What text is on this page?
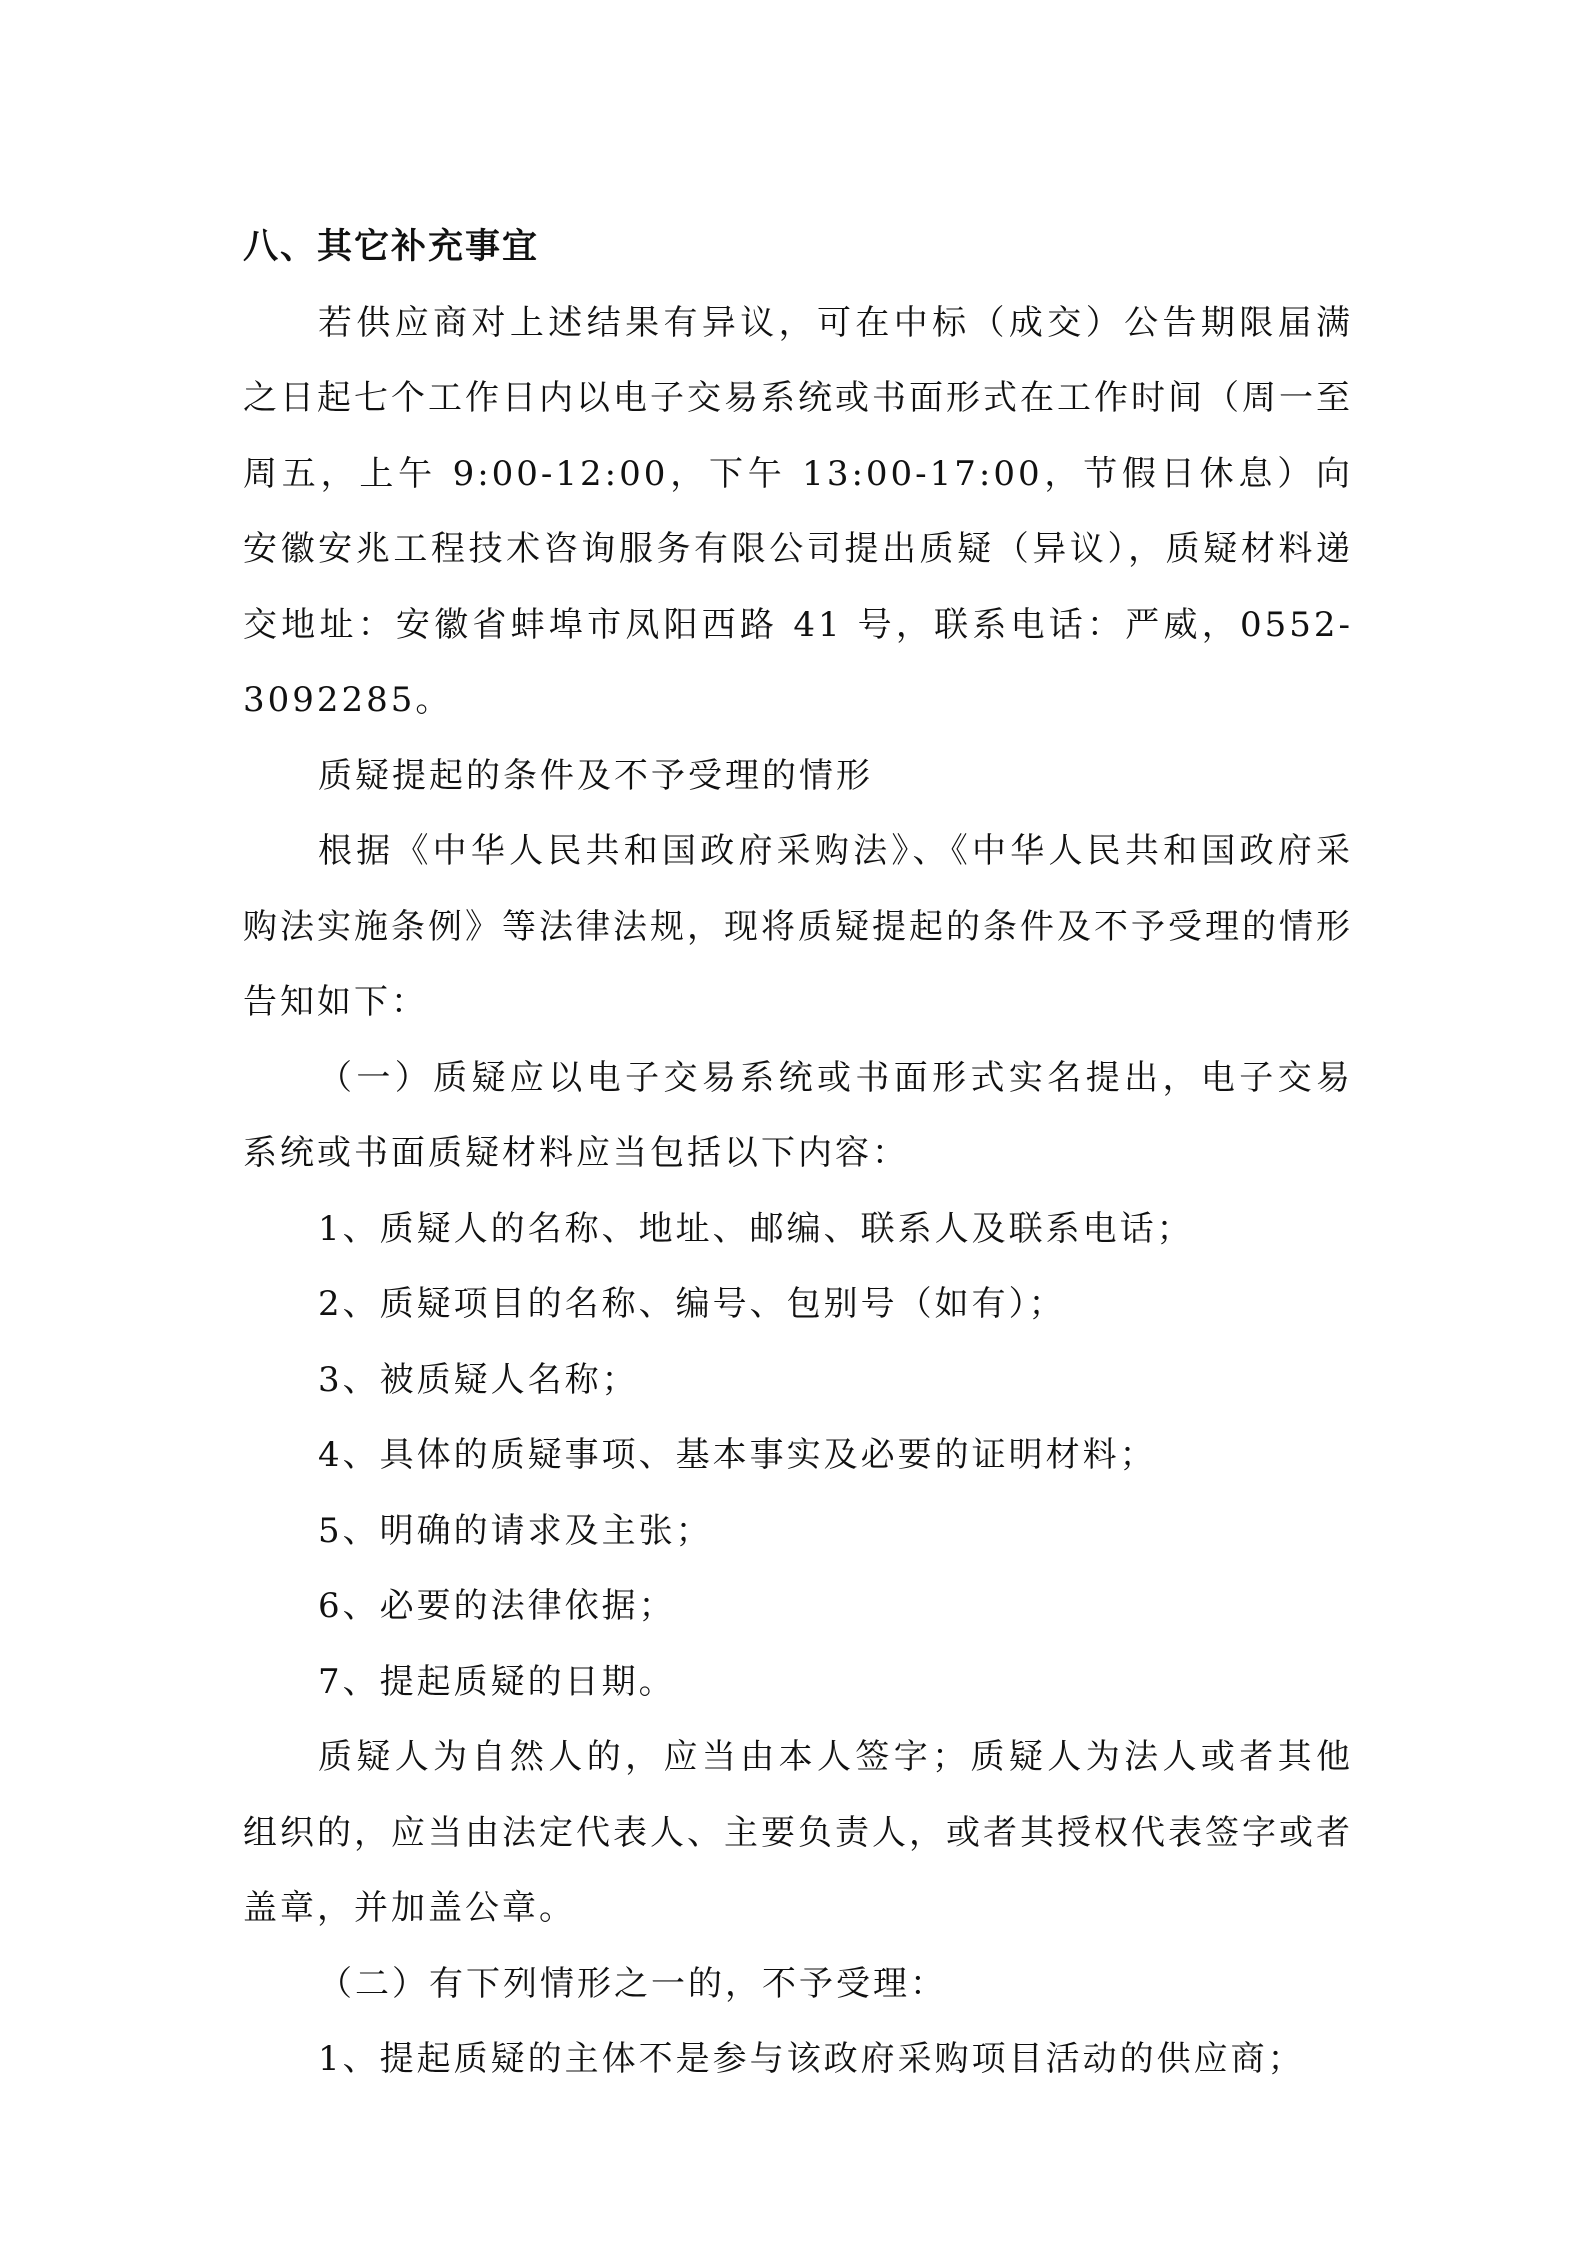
八、其它补充事宜

若供应商对上述结果有异议，可在中标（成交）公告期限届满之日起七个工作日内以电子交易系统或书面形式在工作时间（周一至周五，上午 9:00-12:00，下午 13:00-17:00，节假日休息）向安徽安兆工程技术咨询服务有限公司提出质疑（异议），质疑材料递交地址：安徽省蚌埠市凤阳西路 41 号，联系电话：严威，0552-3092285。

质疑提起的条件及不予受理的情形

根据《中华人民共和国政府采购法》、《中华人民共和国政府采购法实施条例》等法律法规，现将质疑提起的条件及不予受理的情形告知如下：

（一）质疑应以电子交易系统或书面形式实名提出，电子交易系统或书面质疑材料应当包括以下内容：

1、质疑人的名称、地址、邮编、联系人及联系电话；

2、质疑项目的名称、编号、包别号（如有）；

3、被质疑人名称；

4、具体的质疑事项、基本事实及必要的证明材料；

5、明确的请求及主张；

6、必要的法律依据；

7、提起质疑的日期。

质疑人为自然人的，应当由本人签字；质疑人为法人或者其他组织的，应当由法定代表人、主要负责人，或者其授权代表签字或者盖章，并加盖公章。

（二）有下列情形之一的，不予受理：

1、提起质疑的主体不是参与该政府采购项目活动的供应商；
